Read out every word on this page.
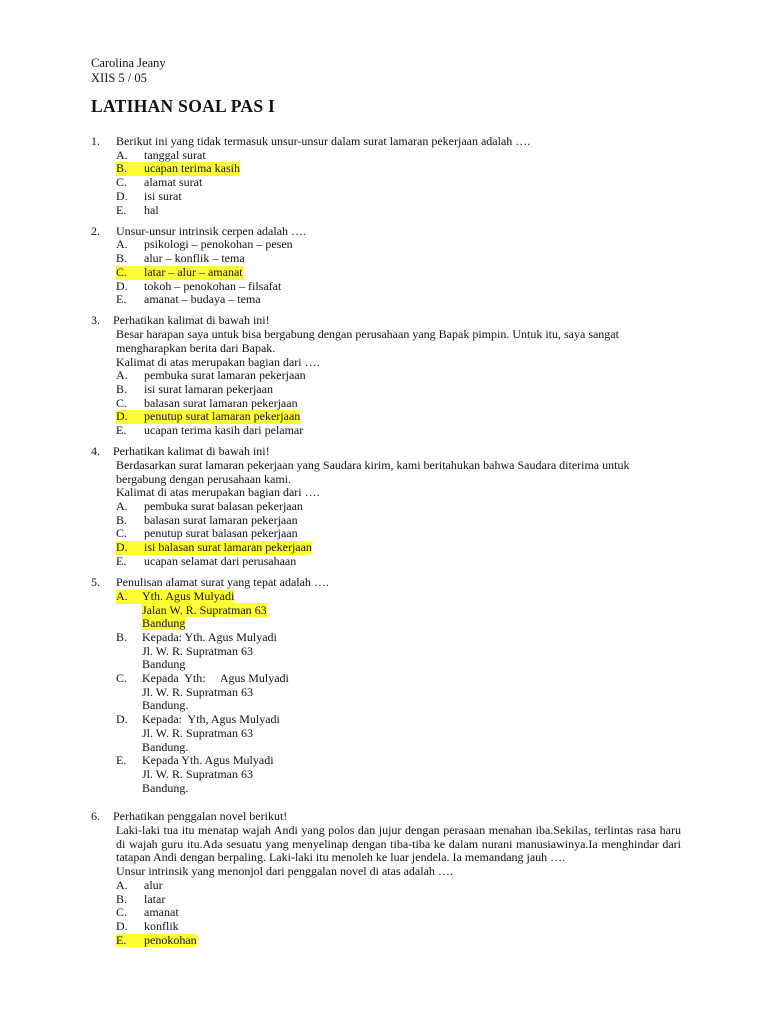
Carolina Jeany
XIIS 5 / 05
LATIHAN SOAL PAS I
1.	Berikut ini yang tidak termasuk unsur-unsur dalam surat lamaran pekerjaan adalah ….
A.	tanggal surat
B.	ucapan terima kasih
C.	alamat surat
D.	isi surat
E.	hal
2.	Unsur-unsur intrinsik cerpen adalah ….
A.	psikologi – penokohan – pesen
B.	alur – konflik – tema
C.	latar – alur – amanat
D.	tokoh – penokohan – filsafat
E.	amanat – budaya – tema
3.	Perhatikan kalimat di bawah ini!
Besar harapan saya untuk bisa bergabung dengan perusahaan yang Bapak pimpin. Untuk itu, saya sangat mengharapkan berita dari Bapak.
Kalimat di atas merupakan bagian dari ….
A.	pembuka surat lamaran pekerjaan
B.	isi surat lamaran pekerjaan
C.	balasan surat lamaran pekerjaan
D.	penutup surat lamaran pekerjaan
E.	ucapan terima kasih dari pelamar
4.	Perhatikan kalimat di bawah ini!
Berdasarkan surat lamaran pekerjaan yang Saudara kirim, kami beritahukan bahwa Saudara diterima untuk bergabung dengan perusahaan kami.
Kalimat di atas merupakan bagian dari ….
A.	pembuka surat balasan pekerjaan
B.	balasan surat lamaran pekerjaan
C.	penutup surat balasan pekerjaan
D.	isi balasan surat lamaran pekerjaan
E.	ucapan selamat dari perusahaan
5.	Penulisan alamat surat yang tepat adalah ….
A.	Yth. Agus Mulyadi
Jalan W. R. Supratman 63
Bandung
B.	Kepada: Yth. Agus Mulyadi
Jl. W. R. Supratman 63
Bandung
C.	Kepada  Yth:     Agus Mulyadi
Jl. W. R. Supratman 63
Bandung.
D.	Kepada:  Yth, Agus Mulyadi
Jl. W. R. Supratman 63
Bandung.
E.	Kepada Yth. Agus Mulyadi
Jl. W. R. Supratman 63
Bandung.
6.	Perhatikan penggalan novel berikut!
Laki-laki tua itu menatap wajah Andi yang polos dan jujur dengan perasaan menahan iba.Sekilas, terlintas rasa haru di wajah guru itu.Ada sesuatu yang menyelinap dengan tiba-tiba ke dalam nurani manusiawinya.Ia menghindar dari tatapan Andi dengan berpaling. Laki-laki itu menoleh ke luar jendela. Ia memandang jauh ….
Unsur intrinsik yang menonjol dari penggalan novel di atas adalah ….
A.	alur
B.	latar
C.	amanat
D.	konflik
E.	penokohan
